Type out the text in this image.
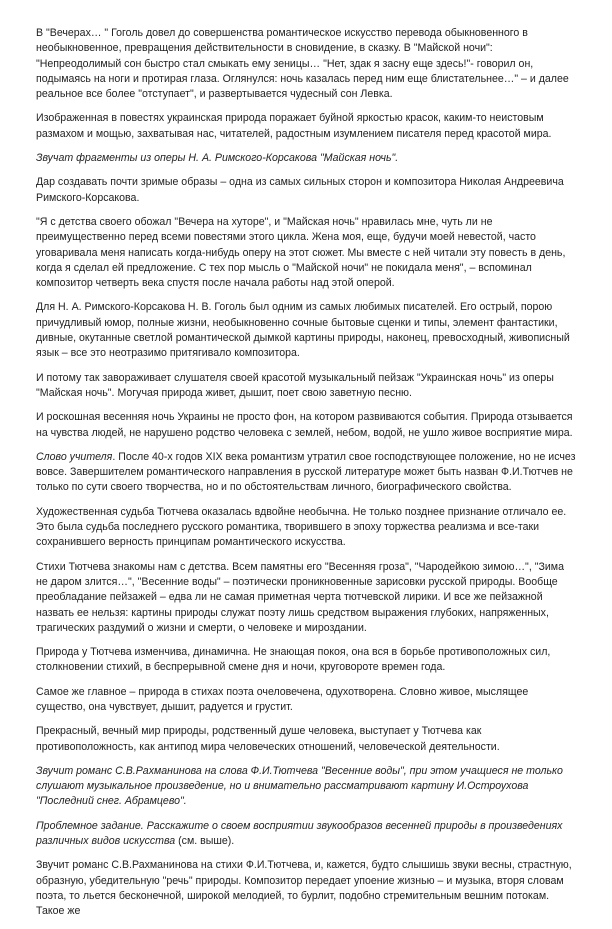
В "Вечерах… " Гоголь довел до совершенства романтическое искусство перевода обыкновенного в необыкновенное, превращения действительности в сновидение, в сказку. В "Майской ночи": "Непреодолимый сон быстро стал смыкать ему зеницы… "Нет, здак я засну еще здесь!"- говорил он, подымаясь на ноги и протирая глаза. Оглянулся: ночь казалась перед ним еще блистательнее…" – и далее реальное все более "отступает", и развертывается чудесный сон Левка.

Изображенная в повестях украинская природа поражает буйной яркостью красок, каким-то неистовым размахом и мощью, захватывая нас, читателей, радостным изумлением писателя перед красотой мира.

Звучат фрагменты из оперы Н. А. Римского-Корсакова "Майская ночь".

Дар создавать почти зримые образы – одна из самых сильных сторон и композитора Николая Андреевича Римского-Корсакова.

"Я с детства своего обожал "Вечера на хуторе", и "Майская ночь" нравилась мне, чуть ли не преимущественно перед всеми повестями этого цикла. Жена моя, еще, будучи моей невестой, часто уговаривала меня написать когда-нибудь оперу на этот сюжет. Мы вместе с ней читали эту повесть в день, когда я сделал ей предложение. С тех пор мысль о "Майской ночи" не покидала меня", – вспоминал композитор четверть века спустя после начала работы над этой оперой.

Для Н. А. Римского-Корсакова Н. В. Гоголь был одним из самых любимых писателей. Его острый, порою причудливый юмор, полные жизни, необыкновенно сочные бытовые сценки и типы, элемент фантастики, дивные, окутанные светлой романтической дымкой картины природы, наконец, превосходный, живописный язык – все это неотразимо притягивало композитора.

И потому так завораживает слушателя своей красотой музыкальный пейзаж "Украинская ночь" из оперы "Майская ночь". Могучая природа живет, дышит, поет свою заветную песню.

И роскошная весенняя ночь Украины не просто фон, на котором развиваются события. Природа отзывается на чувства людей, не нарушено родство человека с землей, небом, водой, не ушло живое восприятие мира.

Слово учителя. После 40-х годов XIX века романтизм утратил свое господствующее положение, но не исчез вовсе. Завершителем романтического направления в русской литературе может быть назван Ф.И.Тютчев не только по сути своего творчества, но и по обстоятельствам личного, биографического свойства.

Художественная судьба Тютчева оказалась вдвойне необычна. Не только позднее признание отличало ее. Это была судьба последнего русского романтика, творившего в эпоху торжества реализма и все-таки сохранившего верность принципам романтического искусства.

Стихи Тютчева знакомы нам с детства. Всем памятны его "Весенняя гроза", "Чародейкою зимою…", "Зима не даром злится…", "Весенние воды" – поэтически проникновенные зарисовки русской природы. Вообще преобладание пейзажей – едва ли не самая приметная черта тютчевской лирики. И все же пейзажной назвать ее нельзя: картины природы служат поэту лишь средством выражения глубоких, напряженных, трагических раздумий о жизни и смерти, о человеке и мироздании.

Природа у Тютчева изменчива, динамична. Не знающая покоя, она вся в борьбе противоположных сил, столкновении стихий, в беспрерывной смене дня и ночи, круговороте времен года.

Самое же главное – природа в стихах поэта очеловечена, одухотворена. Словно живое, мыслящее существо, она чувствует, дышит, радуется и грустит.

Прекрасный, вечный мир природы, родственный душе человека, выступает у Тютчева как противоположность, как антипод мира человеческих отношений, человеческой деятельности.

Звучит романс С.В.Рахманинова на слова Ф.И.Тютчева "Весенние воды", при этом учащиеся не только слушают музыкальное произведение, но и внимательно рассматривают картину И.Остроухова "Последний снег. Абрамцево".

Проблемное задание. Расскажите о своем восприятии звукообразов весенней природы в произведениях различных видов искусства (см. выше).

Звучит романс С.В.Рахманинова на стихи Ф.И.Тютчева, и, кажется, будто слышишь звуки весны, страстную, образную, убедительную "речь" природы. Композитор передает упоение жизнью – и музыка, вторя словам поэта, то льется бесконечной, широкой мелодией, то бурлит, подобно стремительным вешним потокам. Такое же
